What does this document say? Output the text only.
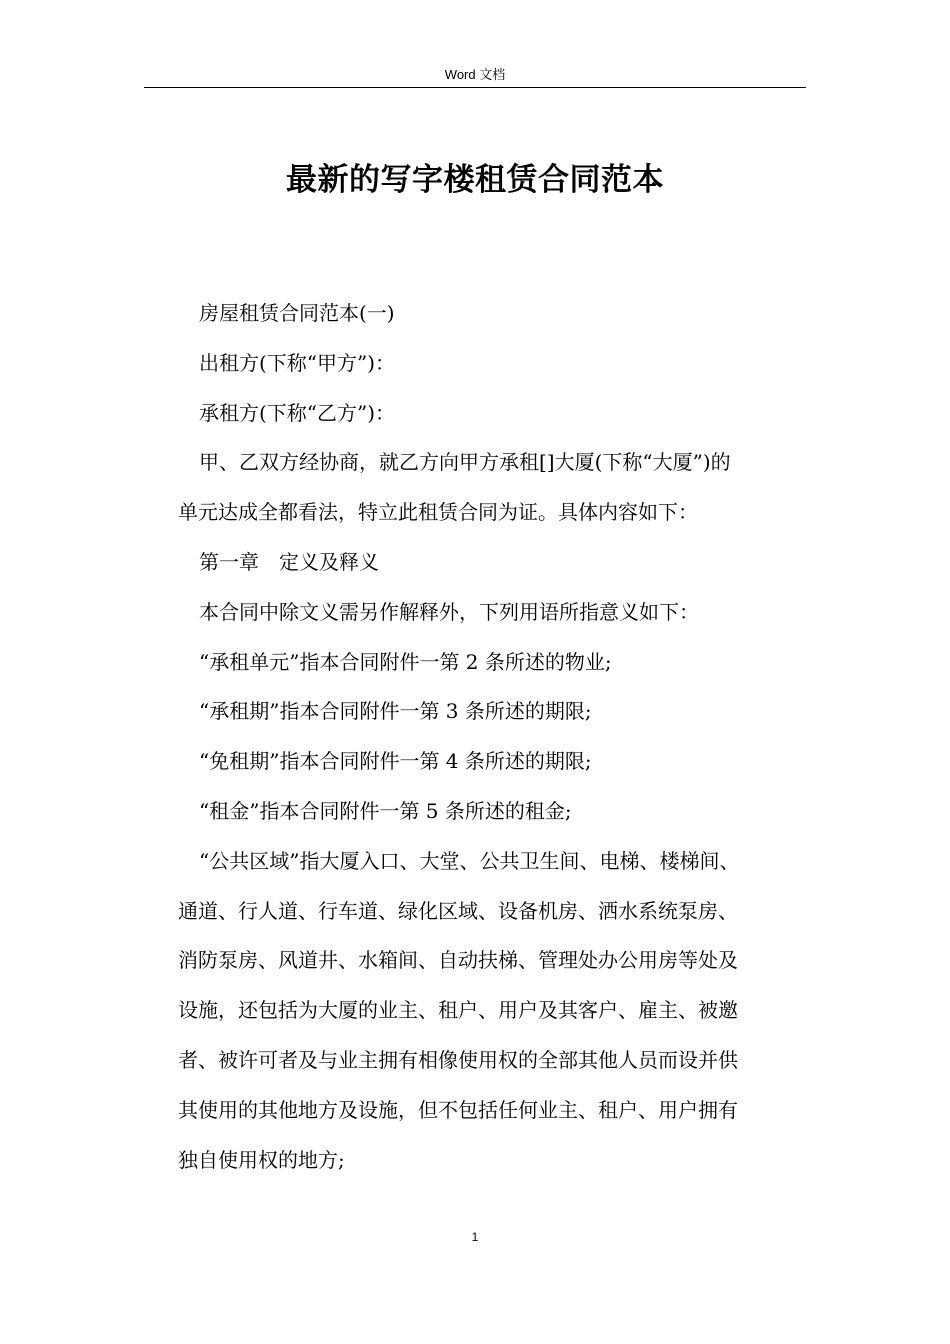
Word 文档
最新的写字楼租赁合同范本

房屋租赁合同范本(一)

出租方(下称“甲方”)：

承租方(下称“乙方”)：

甲、乙双方经协商，就乙方向甲方承租[]大厦(下称“大厦”)的

单元达成全都看法，特立此租赁合同为证。具体内容如下：

第一章　定义及释义

本合同中除文义需另作解释外，下列用语所指意义如下：

“承租单元”指本合同附件一第 2 条所述的物业;

“承租期”指本合同附件一第 3 条所述的期限;

“免租期”指本合同附件一第 4 条所述的期限;

“租金”指本合同附件一第 5 条所述的租金;

“公共区域”指大厦入口、大堂、公共卫生间、电梯、楼梯间、

通道、行人道、行车道、绿化区域、设备机房、洒水系统泵房、

消防泵房、风道井、水箱间、自动扶梯、管理处办公用房等处及

设施，还包括为大厦的业主、租户、用户及其客户、雇主、被邀

者、被许可者及与业主拥有相像使用权的全部其他人员而设并供

其使用的其他地方及设施，但不包括任何业主、租户、用户拥有

独自使用权的地方;

1
